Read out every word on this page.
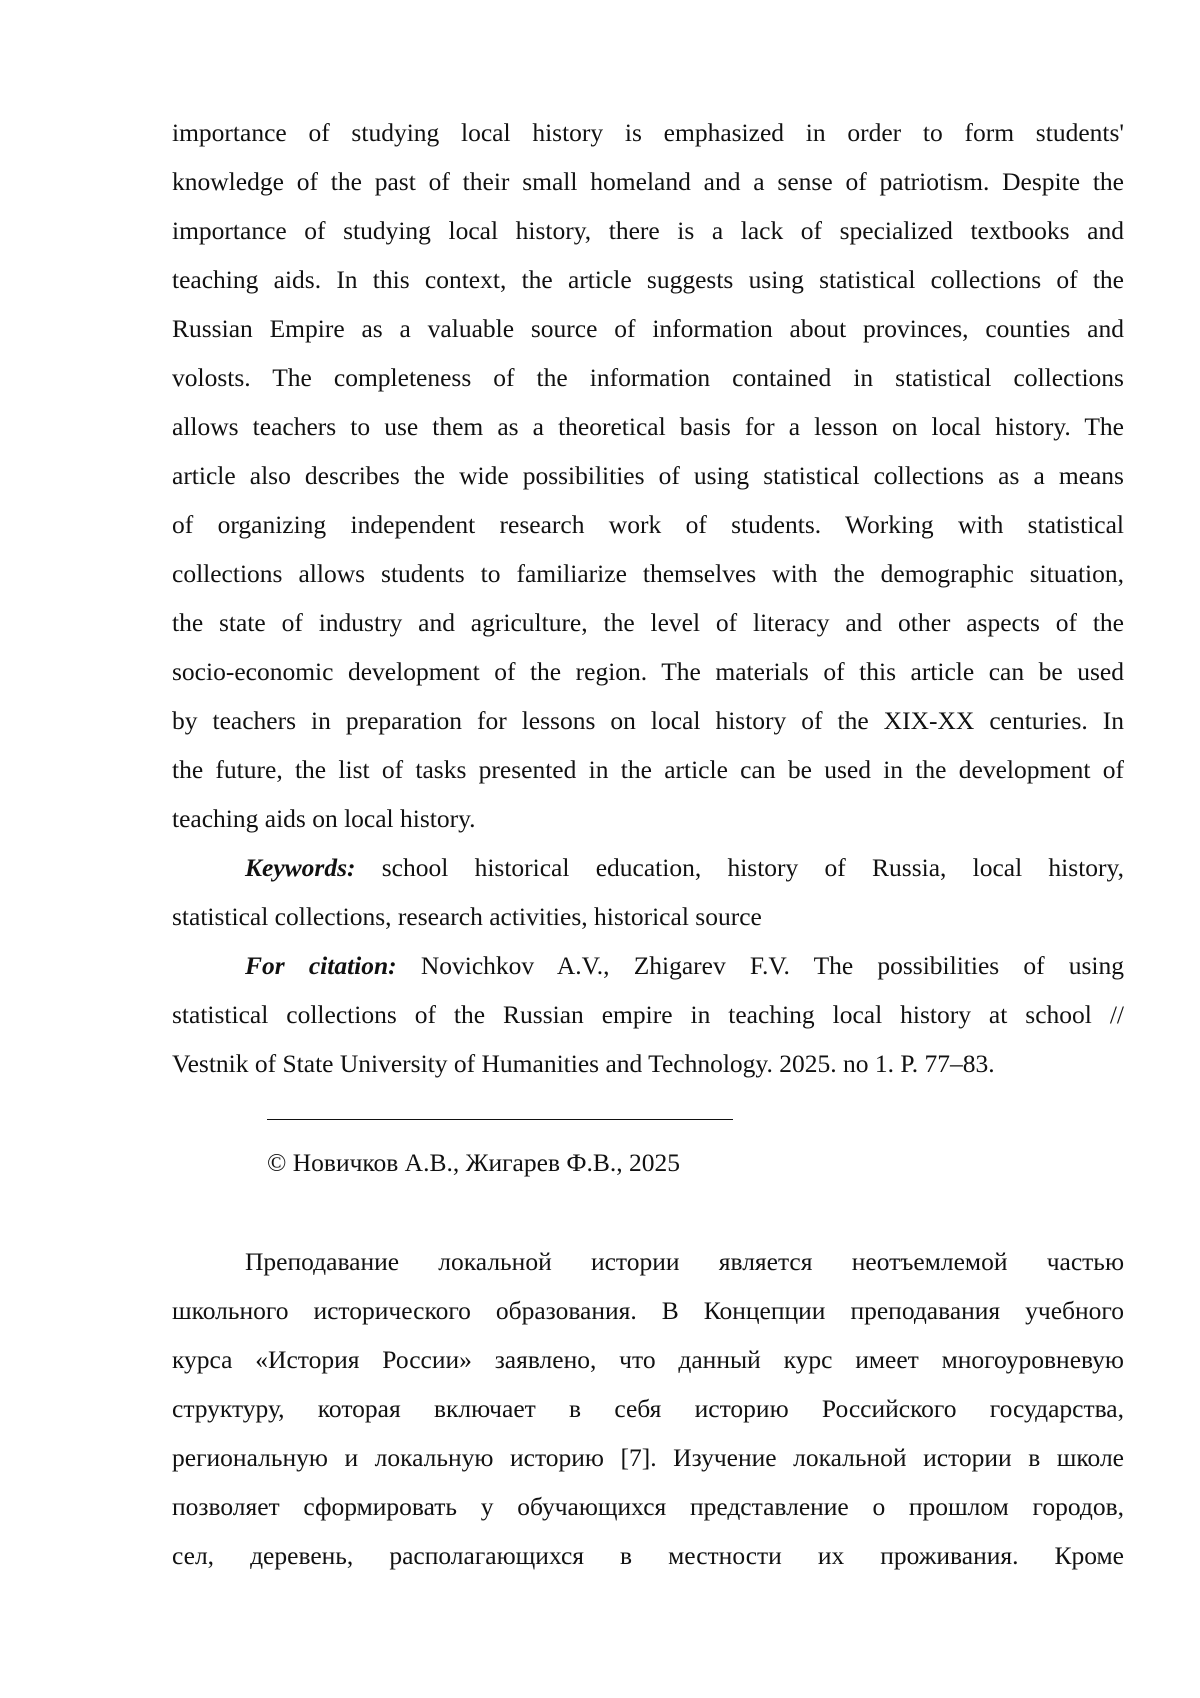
importance of studying local history is emphasized in order to form students'
knowledge of the past of their small homeland and a sense of patriotism. Despite the
importance of studying local history, there is a lack of specialized textbooks and
teaching aids. In this context, the article suggests using statistical collections of the
Russian Empire as a valuable source of information about provinces, counties and
volosts. The completeness of the information contained in statistical collections
allows teachers to use them as a theoretical basis for a lesson on local history. The
article also describes the wide possibilities of using statistical collections as a means
of organizing independent research work of students. Working with statistical
collections allows students to familiarize themselves with the demographic situation,
the state of industry and agriculture, the level of literacy and other aspects of the
socio-economic development of the region. The materials of this article can be used
by teachers in preparation for lessons on local history of the XIX-XX centuries. In
the future, the list of tasks presented in the article can be used in the development of
teaching aids on local history.
Keywords: school historical education, history of Russia, local history,
statistical collections, research activities, historical source
For citation: Novichkov A.V., Zhigarev F.V. The possibilities of using
statistical collections of the Russian empire in teaching local history at school //
Vestnik of State University of Humanities and Technology. 2025. no 1. P. 77–83.
© Новичков А.В., Жигарев Ф.В., 2025
Преподавание локальной истории является неотъемлемой частью
школьного исторического образования. В Концепции преподавания учебного
курса «История России» заявлено, что данный курс имеет многоуровневую
структуру, которая включает в себя историю Российского государства,
региональную и локальную историю [7]. Изучение локальной истории в школе
позволяет сформировать у обучающихся представление о прошлом городов,
сел, деревень, располагающихся в местности их проживания. Кроме
